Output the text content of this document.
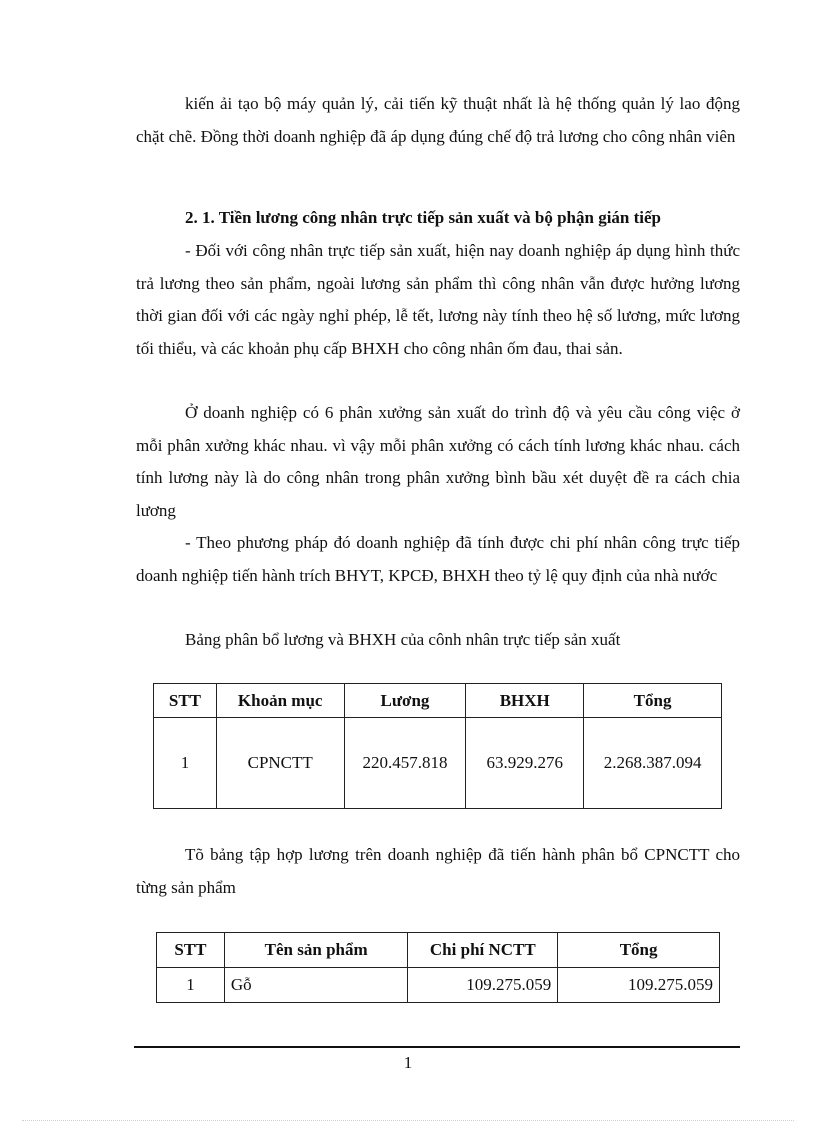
kiến ải tạo bộ máy quản lý, cải tiến kỹ thuật nhất là hệ thống quản lý lao động chặt chẽ. Đồng thời doanh nghiệp đã áp dụng đúng chế độ trả lương cho công nhân viên
2. 1. Tiền lương công nhân trực tiếp sản xuất và bộ phận gián tiếp
- Đối với công nhân trực tiếp sản xuất, hiện nay doanh nghiệp áp dụng hình thức trả lương theo sản phẩm, ngoài lương sản phẩm thì công nhân vẫn được hưởng lương thời gian đối với các ngày nghỉ phép, lễ tết, lương này tính theo hệ số lương, mức lương tối thiểu, và các khoản phụ cấp BHXH cho công nhân ốm đau, thai sản.
Ở doanh nghiệp có 6 phân xưởng sản xuất do trình độ và yêu cầu công việc ở mỗi phân xưởng khác nhau. vì vậy mỗi phân xưởng có cách tính lương khác nhau. cách tính lương này là do công nhân trong phân xưởng bình bầu xét duyệt đề ra cách chia lương
- Theo phương pháp đó doanh nghiệp đã tính được chi phí nhân công trực tiếp doanh nghiệp tiến hành trích BHYT, KPCĐ, BHXH theo tỷ lệ quy định của nhà nước
Bảng phân bổ lương và BHXH của cônh nhân trực tiếp sản xuất
STT	Khoản mục	Lương	BHXH	Tổng
1	CPNCTT	220.457.818	63.929.276	2.268.387.094
Tõ bảng tập hợp lương trên doanh nghiệp đã tiến hành phân bổ CPNCTT cho từng sản phẩm
STT	Tên sản phẩm	Chi phí NCTT	Tổng
1	Gỗ	109.275.059	109.275.059
1
